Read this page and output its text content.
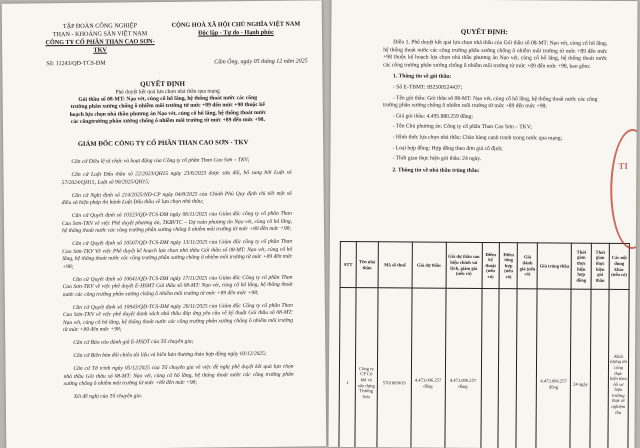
TẬP ĐOÀN CÔNG NGHIỆP
THAN - KHOÁNG SẢN VIỆT NAM
CÔNG TY CỔ PHẦN THAN CAO SƠN-TKV
CỘNG HOÀ XÃ HỘI CHỦ NGHĨA VIỆT NAM
Độc lập - Tự do - Hạnh phúc
Số: 11243/QĐ-TCS-ĐM	Cẩm Ông, ngày 05 tháng 12 năm 2025
QUYẾT ĐỊNH
Phê duyệt kết quả lựa chọn nhà thầu qua mạng
Gói thầu số 08-MT: Nạo vét, củng cố hố lắng, hệ thống thoát nước các công
trường phân xưởng chống ô nhiễm môi trường từ mức +89 đến mức +98 thuộc kế
hoạch lựa chọn nhà thầu phương án Nạo vét, củng cố hố lắng, hệ thống thoát nước
các côngtrường phân xưởng chống ô nhiễm môi trường từ mức +89 đến mức +98.
GIÁM ĐỐC CÔNG TY CỔ PHẦN THAN CAO SƠN - TKV

Căn cứ Điều lệ tổ chức và hoạt động của Công ty cổ phần Than Cao Sơn – TKV;

Căn cứ Luật Đấu thầu số 22/2023/QH15 ngày 23/6/2023 được sửa đổi, bổ sung bởi Luật số 57/2024/QH15, Luật số 90/2025/QH15;

Căn cứ Nghị định số 214/2025/NĐ-CP ngày 04/8/2025 của Chính Phủ Quy định chi tiết một số điều và biện pháp thi hành Luật Đấu thầu về lựa chọn nhà thầu;

Căn cứ Quyết định số 10323/QĐ-TCS-ĐM ngày 06/11/2025 của Giám đốc công ty cổ phần Than Cao Sơn-TKV về việc Phê duyệt phương án, TKBVTC – Dự toán phương án Nạo vét, củng cố hố lắng, hệ thống thoát nước các công trường phân xưởng chống ô nhiễm môi trường từ mức +89 đến mức +98;

Căn cứ Quyết định số 10507/QĐ-TCS-ĐM ngày 13/11/2025 của Giám đốc công ty cổ phần Than Cao Sơn-TKV Về việc Phê duyệt kế hoạch lựa chọn nhà thầu Gói thầu số 08-MT: Nạo vét, củng cố hố lắng, hệ thống thoát nước các công trường phân xưởng chống ô nhiễm môi trường từ mức +89 đến mức +98;

Căn cứ Quyết định số 10641/QĐ-TCS-ĐM ngày 17/11/2025 của Giám đốc Công ty cổ phần Than Cao Sơn-TKV về việc phê duyệt E-HSMT Gói thầu số 08-MT: Nạo vét, củng cố hố lắng, hệ thống thoát nước các công trường phân xưởng chống ô nhiễm môi trường từ mức +89 đến mức +98;

Căn cứ Quyết định số 10943/QĐ-TCS-ĐM ngày 26/11/2025 của Giám đốc Công ty cổ phần Than Cao Sơn-TKV về việc phê duyệt danh sách nhà thầu đáp ứng yêu cầu về kỹ thuật Gói thầu số 08-MT: Nạo vét, củng cố hố lắng, hệ thống thoát nước các công trường phân xưởng chống ô nhiễm môi trường từ mức +89 đến mức +98;

Căn cứ Báo cáo đánh giá E-HSDT của Tổ chuyên gia;

Căn cứ Biên bản đối chiếu tài liệu và biên bản thương thảo hợp đồng ngày 03/12/2025;

Căn cứ Tờ trình ngày 05/12/2025 của Tổ chuyên gia về việc đề nghị phê duyệt kết quả lựa chọn nhà thầu Gói thầu số 08-MT: Nạo vét, củng cố hố lắng, hệ thống thoát nước các công trường phân xưởng chống ô nhiễm môi trường từ mức +89 đến mức +98;

Xét đề nghị của Tổ chuyên gia.

QUYẾT ĐỊNH:

Điều 1. Phê duyệt kết quả lựa chọn nhà thầu của Gói thầu số 08-MT: Nạo vét, củng cố hố lắng, hệ thống thoát nước các công trường phân xưởng chống ô nhiễm môi trường từ mức +89 đến mức +98 thuộc kế hoạch lựa chọn nhà thầu phương án Nạo vét, củng cố hố lắng, hệ thống thoát nước các công trường phân xưởng chống ô nhiễm môi trường từ mức +89 đến mức +98, bao gồm:

1. Thông tin về gói thầu:
- Số E-TBMT: IB2500524437;
- Tên gói thầu: Gói thầu số 08-MT: Nạo vét, củng cố hố lắng, hệ thống thoát nước các công trường phân xưởng chống ô nhiễm môi trường từ mức +89 đến mức +98;
- Giá gói thầu: 4.495.880.259 đồng;
- Tên Chủ phương án: Công ty cổ phần Than Cao Sơn – TKV;
- Hình thức lựa chọn nhà thầu: Chào hàng cạnh tranh trong nước qua mạng;
- Loại hợp đồng: Hợp đồng theo đơn giá cố định;
- Thời gian thực hiện gói thầu: 24 ngày.
2. Thông tin về nhà thầu trúng thầu:
STT	Tên nhà thầu	Mã số thuế	Giá dự thầu	Giá dự thầu sau hiệu chỉnh sai lệch, giảm giá (nếu có)	Điểm kỹ thuật (nếu có)	Điểm tổng hợp (nếu có)	Giá đánh giá (nếu có)	Giá trúng thầu	Thời gian thực hiện hợp đồng	Thời gian thực hiện gói thầu	Các nội dung khác (nếu có)
1	Công ty CP Cơ khí và xây dựng Trường Sơn	5701809619	4.473.096.257 đồng	4.473.096.257 đồng				4.473.096.257 đồng	24 ngày		Khối lượng thi công thực hiện theo hồ sơ hiện trường thực tế nghiệm thu
TI
